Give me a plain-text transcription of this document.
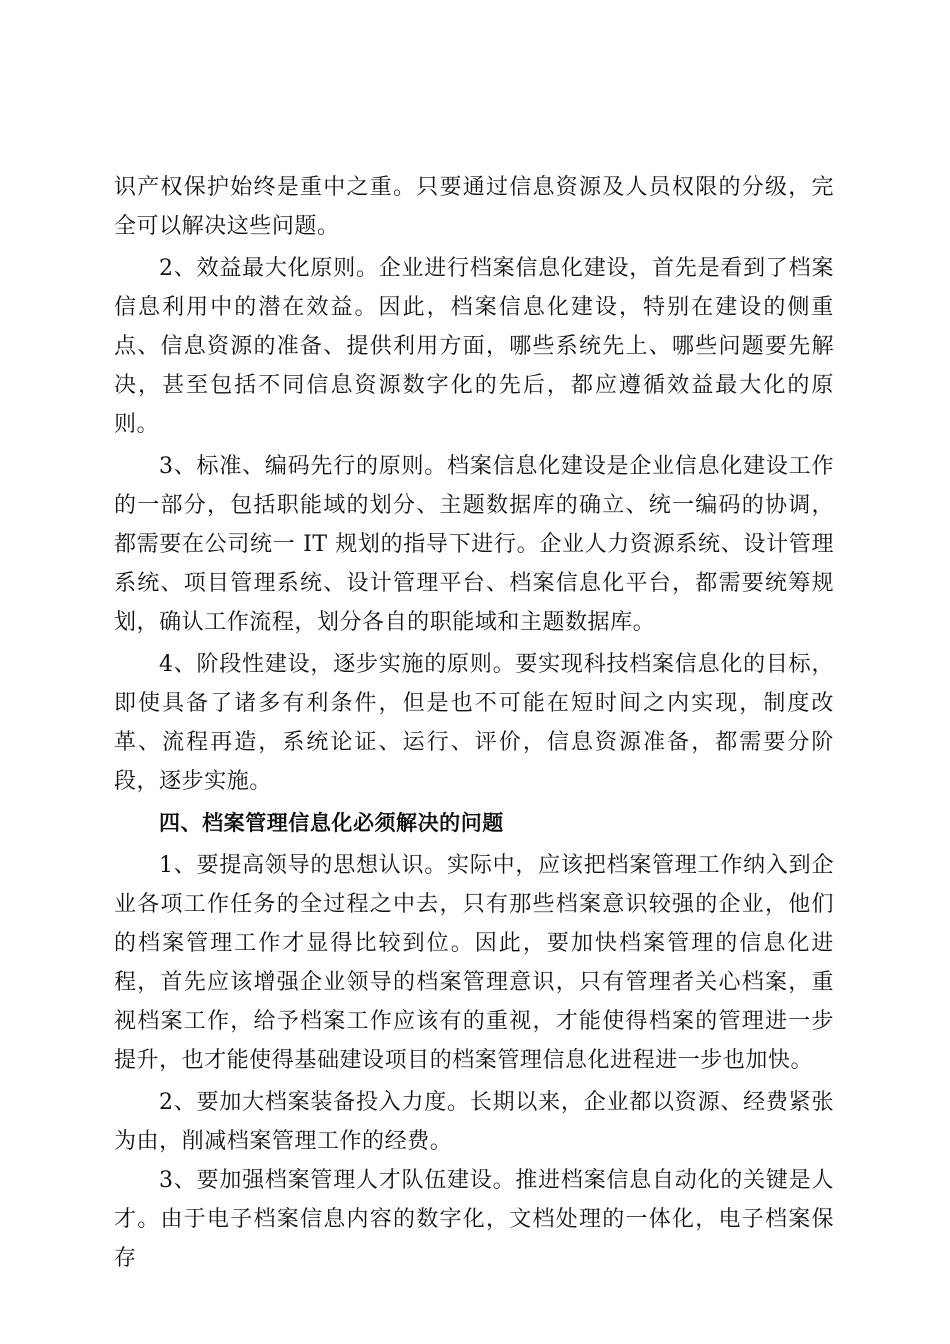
识产权保护始终是重中之重。只要通过信息资源及人员权限的分级，完全可以解决这些问题。

2、效益最大化原则。企业进行档案信息化建设，首先是看到了档案信息利用中的潜在效益。因此，档案信息化建设，特别在建设的侧重点、信息资源的准备、提供利用方面，哪些系统先上、哪些问题要先解决，甚至包括不同信息资源数字化的先后，都应遵循效益最大化的原则。

3、标准、编码先行的原则。档案信息化建设是企业信息化建设工作的一部分，包括职能域的划分、主题数据库的确立、统一编码的协调，都需要在公司统一 IT 规划的指导下进行。企业人力资源系统、设计管理系统、项目管理系统、设计管理平台、档案信息化平台，都需要统筹规划，确认工作流程，划分各自的职能域和主题数据库。

4、阶段性建设，逐步实施的原则。要实现科技档案信息化的目标，即使具备了诸多有利条件，但是也不可能在短时间之内实现，制度改革、流程再造，系统论证、运行、评价，信息资源准备，都需要分阶段，逐步实施。

四、档案管理信息化必须解决的问题

1、要提高领导的思想认识。实际中，应该把档案管理工作纳入到企业各项工作任务的全过程之中去，只有那些档案意识较强的企业，他们的档案管理工作才显得比较到位。因此，要加快档案管理的信息化进程，首先应该增强企业领导的档案管理意识，只有管理者关心档案，重视档案工作，给予档案工作应该有的重视，才能使得档案的管理进一步提升，也才能使得基础建设项目的档案管理信息化进程进一步也加快。

2、要加大档案装备投入力度。长期以来，企业都以资源、经费紧张为由，削减档案管理工作的经费。

3、要加强档案管理人才队伍建设。推进档案信息自动化的关键是人才。由于电子档案信息内容的数字化，文档处理的一体化，电子档案保存
